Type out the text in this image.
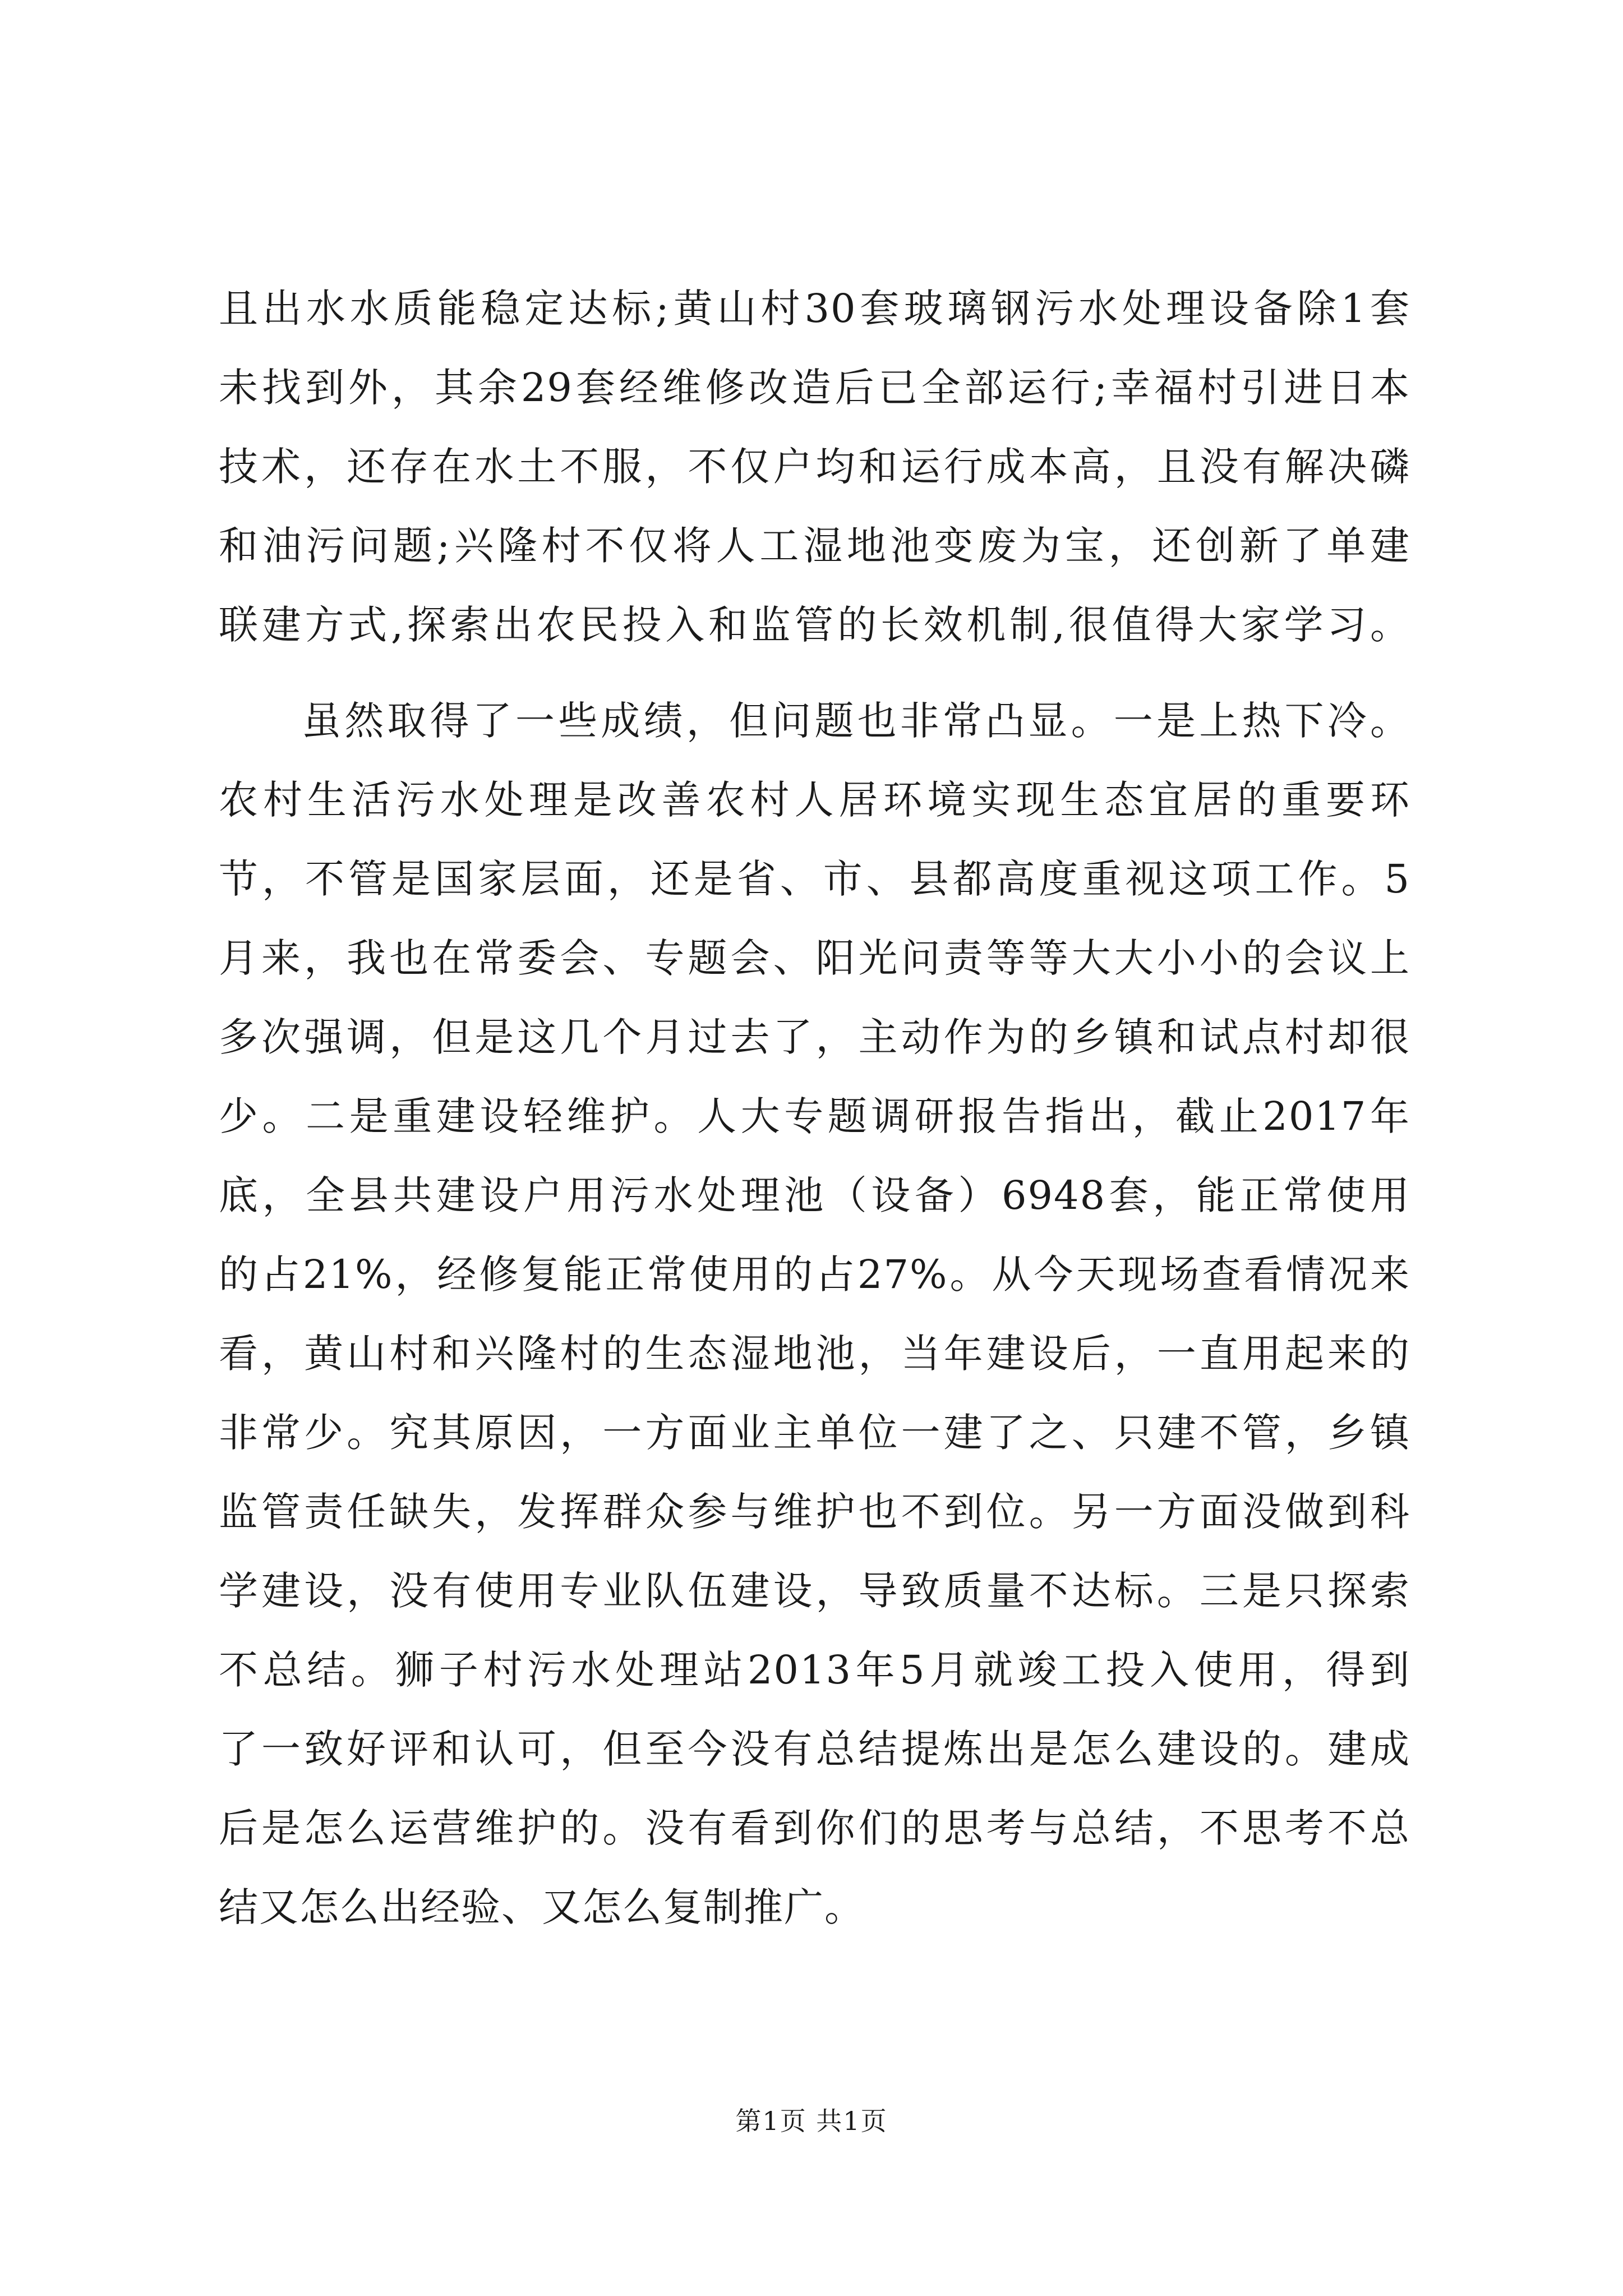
且出水水质能稳定达标;黄山村30套玻璃钢污水处理设备除1套
未找到外，其余29套经维修改造后已全部运行;幸福村引进日本
技术，还存在水土不服，不仅户均和运行成本高，且没有解决磷
和油污问题;兴隆村不仅将人工湿地池变废为宝，还创新了单建
联建方式,探索出农民投入和监管的长效机制,很值得大家学习。
虽然取得了一些成绩，但问题也非常凸显。一是上热下冷。
农村生活污水处理是改善农村人居环境实现生态宜居的重要环
节，不管是国家层面，还是省、市、县都高度重视这项工作。5
月来，我也在常委会、专题会、阳光问责等等大大小小的会议上
多次强调，但是这几个月过去了，主动作为的乡镇和试点村却很
少。二是重建设轻维护。人大专题调研报告指出，截止2017年
底，全县共建设户用污水处理池（设备）6948套，能正常使用
的占21%，经修复能正常使用的占27%。从今天现场查看情况来
看，黄山村和兴隆村的生态湿地池，当年建设后，一直用起来的
非常少。究其原因，一方面业主单位一建了之、只建不管，乡镇
监管责任缺失，发挥群众参与维护也不到位。另一方面没做到科
学建设，没有使用专业队伍建设，导致质量不达标。三是只探索
不总结。狮子村污水处理站2013年5月就竣工投入使用，得到
了一致好评和认可，但至今没有总结提炼出是怎么建设的。建成
后是怎么运营维护的。没有看到你们的思考与总结，不思考不总
结又怎么出经验、又怎么复制推广。
第1页 共1页
